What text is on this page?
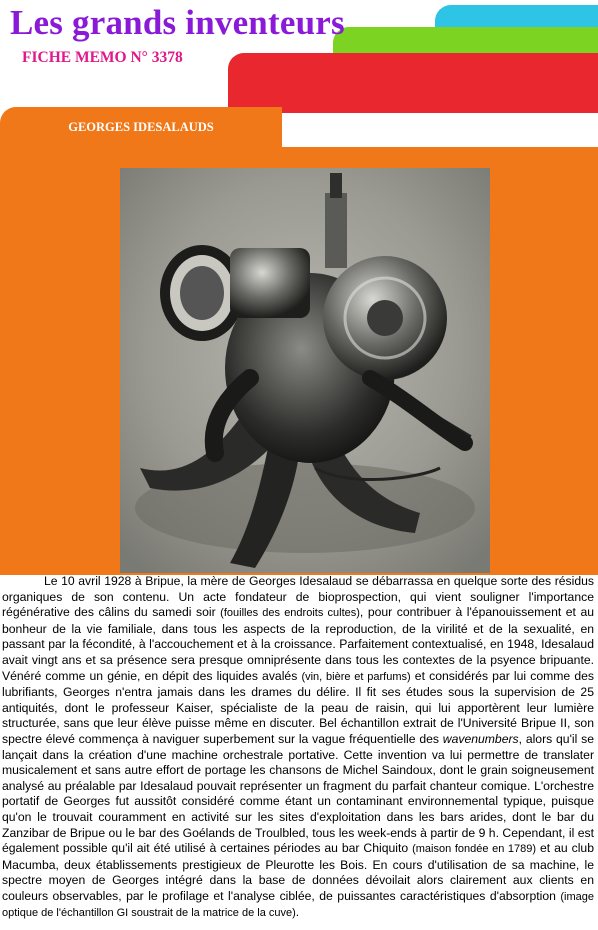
Les grands inventeurs
FICHE MEMO N° 3378
GEORGES IDESALAUDS

Le 10 avril 1928 à Bripue, la mère de Georges Idesalaud se débarrassa en quelque sorte des résidus organiques de son contenu. Un acte fondateur de bioprospection, qui vient souligner l'importance régénérative des câlins du samedi soir (fouilles des endroits cultes), pour contribuer à l'épanouissement et au bonheur de la vie familiale, dans tous les aspects de la reproduction, de la virilité et de la sexualité, en passant par la fécondité, à l'accouchement et à la croissance. Parfaitement contextualisé, en 1948, Idesalaud avait vingt ans et sa présence sera presque omniprésente dans tous les contextes de la psyence bripuante. Vénéré comme un génie, en dépit des liquides avalés (vin, bière et parfums) et considérés par lui comme des lubrifiants, Georges n'entra jamais dans les drames du délire. Il fit ses études sous la supervision de 25 antiquités, dont le professeur Kaiser, spécialiste de la peau de raisin, qui lui apportèrent leur lumière structurée, sans que leur élève puisse même en discuter. Bel échantillon extrait de l'Université Bripue II, son spectre élevé commença à naviguer superbement sur la vague fréquentielle des wavenumbers, alors qu'il se lançait dans la création d'une machine orchestrale portative. Cette invention va lui permettre de translater musicalement et sans autre effort de portage les chansons de Michel Saindoux, dont le grain soigneusement analysé au préalable par Idesalaud pouvait représenter un fragment du parfait chanteur comique. L'orchestre portatif de Georges fut aussitôt considéré comme étant un contaminant environnemental typique, puisque qu'on le trouvait couramment en activité sur les sites d'exploitation dans les bars arides, dont le bar du Zanzibar de Bripue ou le bar des Goélands de Troulbled, tous les week-ends à partir de 9 h. Cependant, il est également possible qu'il ait été utilisé à certaines périodes au bar Chiquito (maison fondée en 1789) et au club Macumba, deux établissements prestigieux de Pleurotte les Bois. En cours d'utilisation de sa machine, le spectre moyen de Georges intégré dans la base de données dévoilait alors clairement aux clients en couleurs observables, par le profilage et l'analyse ciblée, de puissantes caractéristiques d'absorption (image optique de l'échantillon GI soustrait de la matrice de la cuve).
